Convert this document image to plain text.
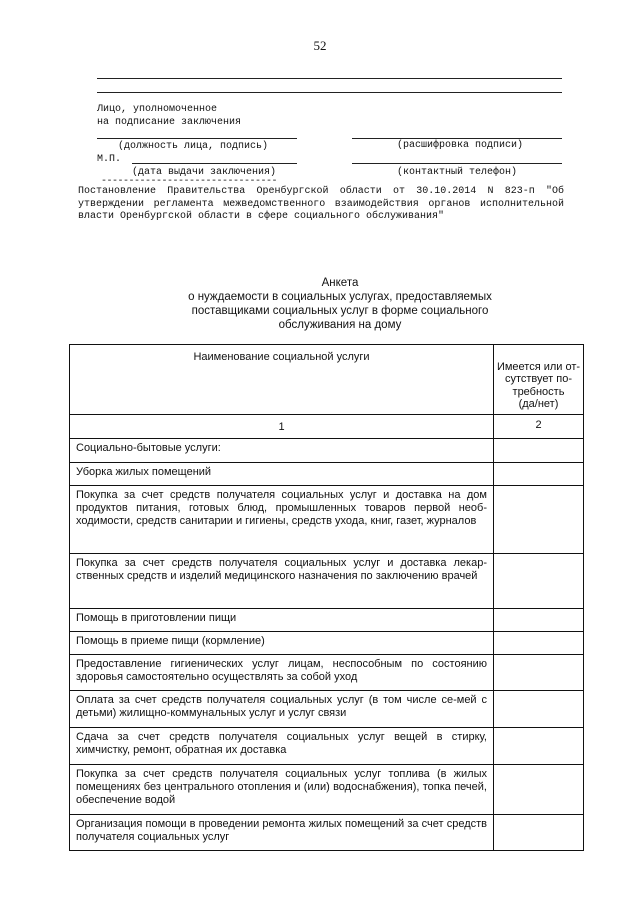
52
Лицо, уполномоченное
на подписание заключения
(должность лица, подпись)	(расшифровка подписи)
М.П.
(дата выдачи заключения)	(контактный телефон)
--------------------------------
Постановление Правительства Оренбургской области от 30.10.2014 N 823-п "Об утверждении регламента межведомственного взаимодействия органов исполнительной власти Оренбургской области в сфере социального обслуживания"
Анкета
о нуждаемости в социальных услугах, предоставляемых
поставщиками социальных услуг в форме социального
обслуживания на дому
Наименование социальной услуги	Имеется или от-
сутствует по-
требность
(да/нет)

1	2
Социально-бытовые услуги:	
Уборка жилых помещений	
Покупка за счет средств получателя социальных услуг и доставка на дом продуктов питания, готовых блюд, промышленных товаров первой необ-ходимости, средств санитарии и гигиены, средств ухода, книг, газет, журналов	
Покупка за счет средств получателя социальных услуг и доставка лекар-ственных средств и изделий медицинского назначения по заключению врачей	
Помощь в приготовлении пищи	
Помощь в приеме пищи (кормление)	
Предоставление гигиенических услуг лицам, неспособным по состоянию здоровья самостоятельно осуществлять за собой уход	
Оплата за счет средств получателя социальных услуг (в том числе се-мей с детьми) жилищно-коммунальных услуг и услуг связи	
Сдача за счет средств получателя социальных услуг вещей в стирку, химчистку, ремонт, обратная их доставка	
Покупка за счет средств получателя социальных услуг топлива (в жилых помещениях без центрального отопления и (или) водоснабжения), топка печей, обеспечение водой	
Организация помощи в проведении ремонта жилых помещений за счет средств получателя социальных услуг	
